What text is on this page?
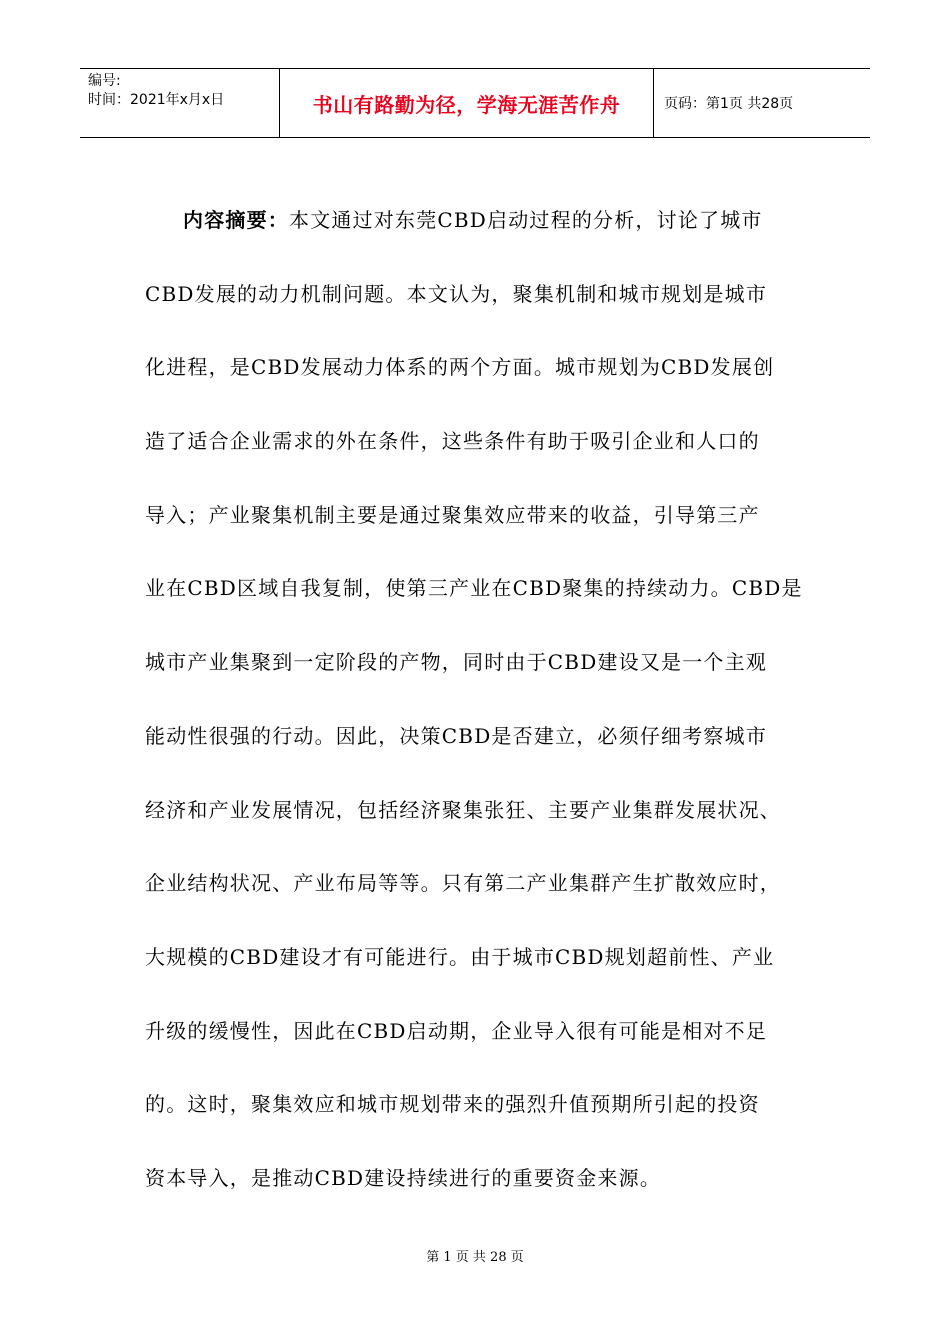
编号:
时间：2021年x月x日	书山有路勤为径，学海无涯苦作舟	页码：第1页 共28页
内容摘要：本文通过对东莞CBD启动过程的分析，讨论了城市
CBD发展的动力机制问题。本文认为，聚集机制和城市规划是城市
化进程，是CBD发展动力体系的两个方面。城市规划为CBD发展创
造了适合企业需求的外在条件，这些条件有助于吸引企业和人口的
导入；产业聚集机制主要是通过聚集效应带来的收益，引导第三产
业在CBD区域自我复制，使第三产业在CBD聚集的持续动力。CBD是
城市产业集聚到一定阶段的产物，同时由于CBD建设又是一个主观
能动性很强的行动。因此，决策CBD是否建立，必须仔细考察城市
经济和产业发展情况，包括经济聚集张狂、主要产业集群发展状况、
企业结构状况、产业布局等等。只有第二产业集群产生扩散效应时，
大规模的CBD建设才有可能进行。由于城市CBD规划超前性、产业
升级的缓慢性，因此在CBD启动期，企业导入很有可能是相对不足
的。这时，聚集效应和城市规划带来的强烈升值预期所引起的投资
资本导入，是推动CBD建设持续进行的重要资金来源。
第 1 页 共 28 页
